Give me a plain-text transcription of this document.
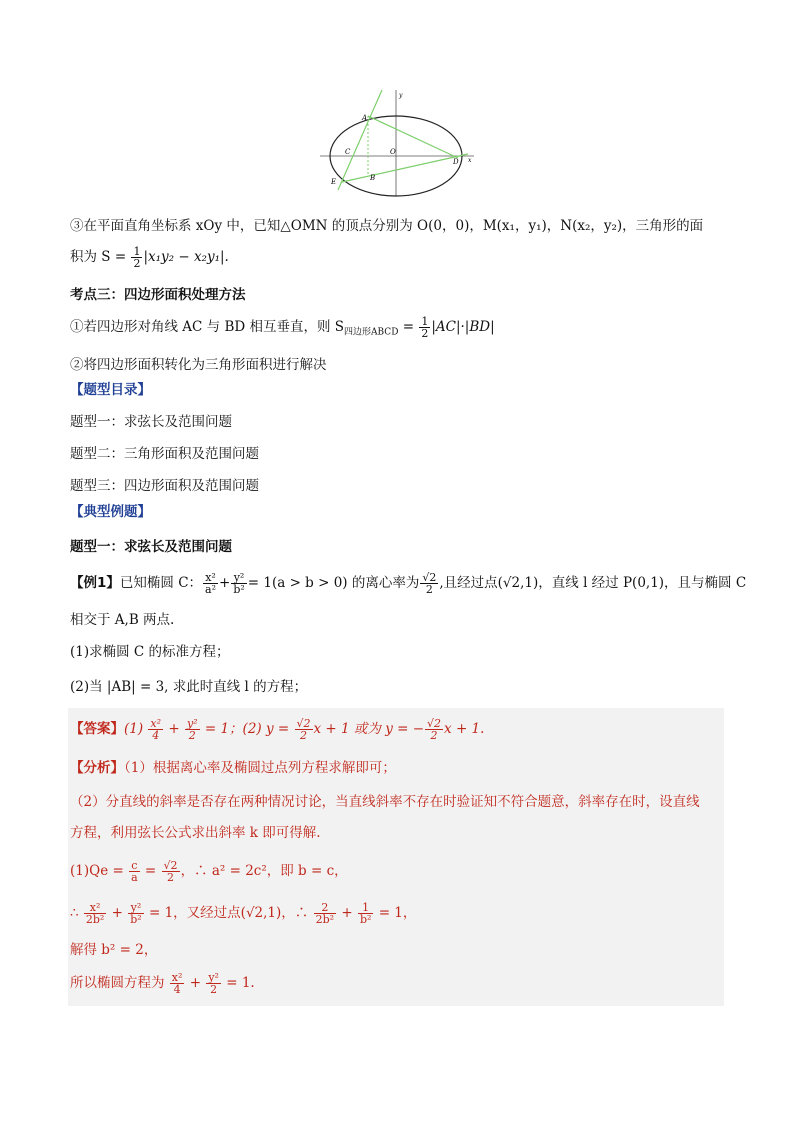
A
C	O
B
E
D x
y
③在平面直角坐标系 xOy 中，已知△OMN 的顶点分别为 O(0，0)，M(x₁，y₁)，N(x₂，y₂)，三角形的面
积为 $S = \frac{1}{2} |x_1y_2 - x_2y_1|$.
考点三：四边形面积处理方法
①若四边形对角线 AC 与 BD 相互垂直，则 $S_{四边形ABCD} = \frac{1}{2} |AC|\cdot|BD|$
②将四边形面积转化为三角形面积进行解决
【题型目录】
题型一：求弦长及范围问题
题型二：三角形面积及范围问题
题型三：四边形面积及范围问题
【典型例题】
题型一：求弦长及范围问题
【例1】已知椭圆 C： $\frac{\text{x²}}{\text{a²}} + \frac{\text{y²}}{\text{b²}} = 1(a > b > 0)$ 的离心率为 $\frac{√2}{2}$ ,且经过点(√2,1)，直线 l 经过 P(0,1)，且与椭圆 C
相交于 A,B 两点.
(1)求椭圆 C 的标准方程；
(2)当 |AB| = 3, 求此时直线 l 的方程；
【答案】$(1) \frac{\text{x²}}{4} + \frac{\text{y²}}{2} = 1$；(2) $y = \frac{√2}{2}$ x + 1 或为 y = − $\frac{√2}{2}$ x + 1.
【分析】（1）根据离心率及椭圆过点列方程求解即可；
（2）分直线的斜率是否存在两种情况讨论，当直线斜率不存在时验证知不符合题意，斜率存在时，设直线
方程，利用弦长公式求出斜率 k 即可得解.
$(1)Qe = \frac{c}{a} = \frac{√2}{2}$ ，∴ a² = 2c²，即 b = c，
∴ $\frac{\text{x²}}{\text{2b²}} + \frac{\text{y²}}{\text{b²}} = 1$，又经过点(√2,1)，∴ $\frac{2}{\text{2b²}} + \frac{1}{\text{b²}} = 1$，
解得 b² = 2，
所以椭圆方程为 $\frac{\text{x²}}{4} + \frac{\text{y²}}{2} = 1$.
